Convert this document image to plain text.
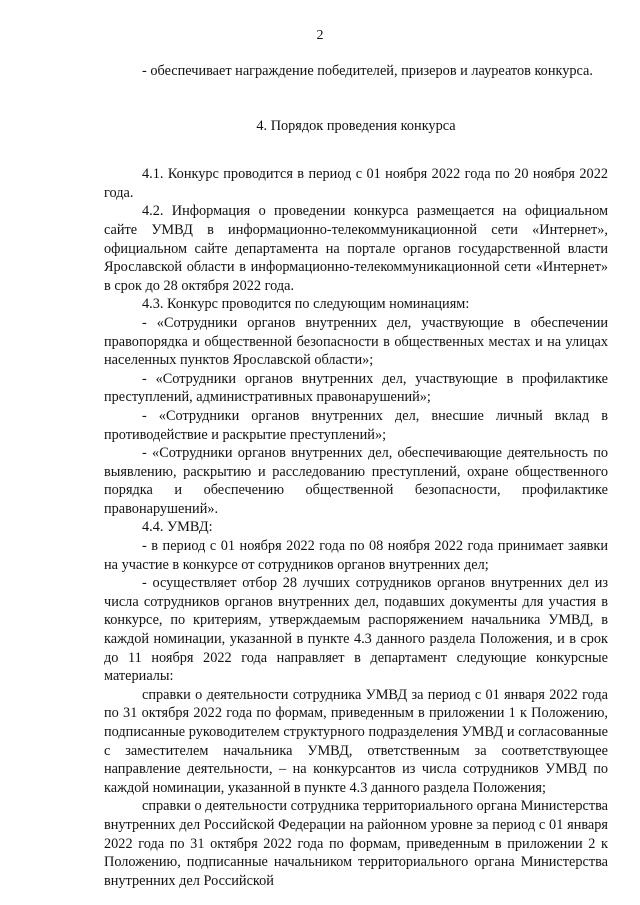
2

- обеспечивает награждение победителей, призеров и лауреатов конкурса.

4. Порядок проведения конкурса

4.1. Конкурс проводится в период с 01 ноября 2022 года по 20 ноября 2022 года.

4.2. Информация о проведении конкурса размещается на официальном сайте УМВД в информационно-телекоммуникационной сети «Интернет», официальном сайте департамента на портале органов государственной власти Ярославской области в информационно-телекоммуникационной сети «Интернет» в срок до 28 октября 2022 года.

4.3. Конкурс проводится по следующим номинациям:

- «Сотрудники органов внутренних дел, участвующие в обеспечении правопорядка и общественной безопасности в общественных местах и на улицах населенных пунктов Ярославской области»;

- «Сотрудники органов внутренних дел, участвующие в профилактике преступлений, административных правонарушений»;

- «Сотрудники органов внутренних дел, внесшие личный вклад в противодействие и раскрытие преступлений»;

- «Сотрудники органов внутренних дел, обеспечивающие деятельность по выявлению, раскрытию и расследованию преступлений, охране общественного порядка и обеспечению общественной безопасности, профилактике правонарушений».

4.4. УМВД:

- в период с 01 ноября 2022 года по 08 ноября 2022 года принимает заявки на участие в конкурсе от сотрудников органов внутренних дел;

- осуществляет отбор 28 лучших сотрудников органов внутренних дел из числа сотрудников органов внутренних дел, подавших документы для участия в конкурсе, по критериям, утверждаемым распоряжением начальника УМВД, в каждой номинации, указанной в пункте 4.3 данного раздела Положения, и в срок до 11 ноября 2022 года направляет в департамент следующие конкурсные материалы:

справки о деятельности сотрудника УМВД за период с 01 января 2022 года по 31 октября 2022 года по формам, приведенным в приложении 1 к Положению, подписанные руководителем структурного подразделения УМВД и согласованные с заместителем начальника УМВД, ответственным за соответствующее направление деятельности, – на конкурсантов из числа сотрудников УМВД по каждой номинации, указанной в пункте 4.3 данного раздела Положения;

справки о деятельности сотрудника территориального органа Министерства внутренних дел Российской Федерации на районном уровне за период с 01 января 2022 года по 31 октября 2022 года по формам, приведенным в приложении 2 к Положению, подписанные начальником территориального органа Министерства внутренних дел Российской
